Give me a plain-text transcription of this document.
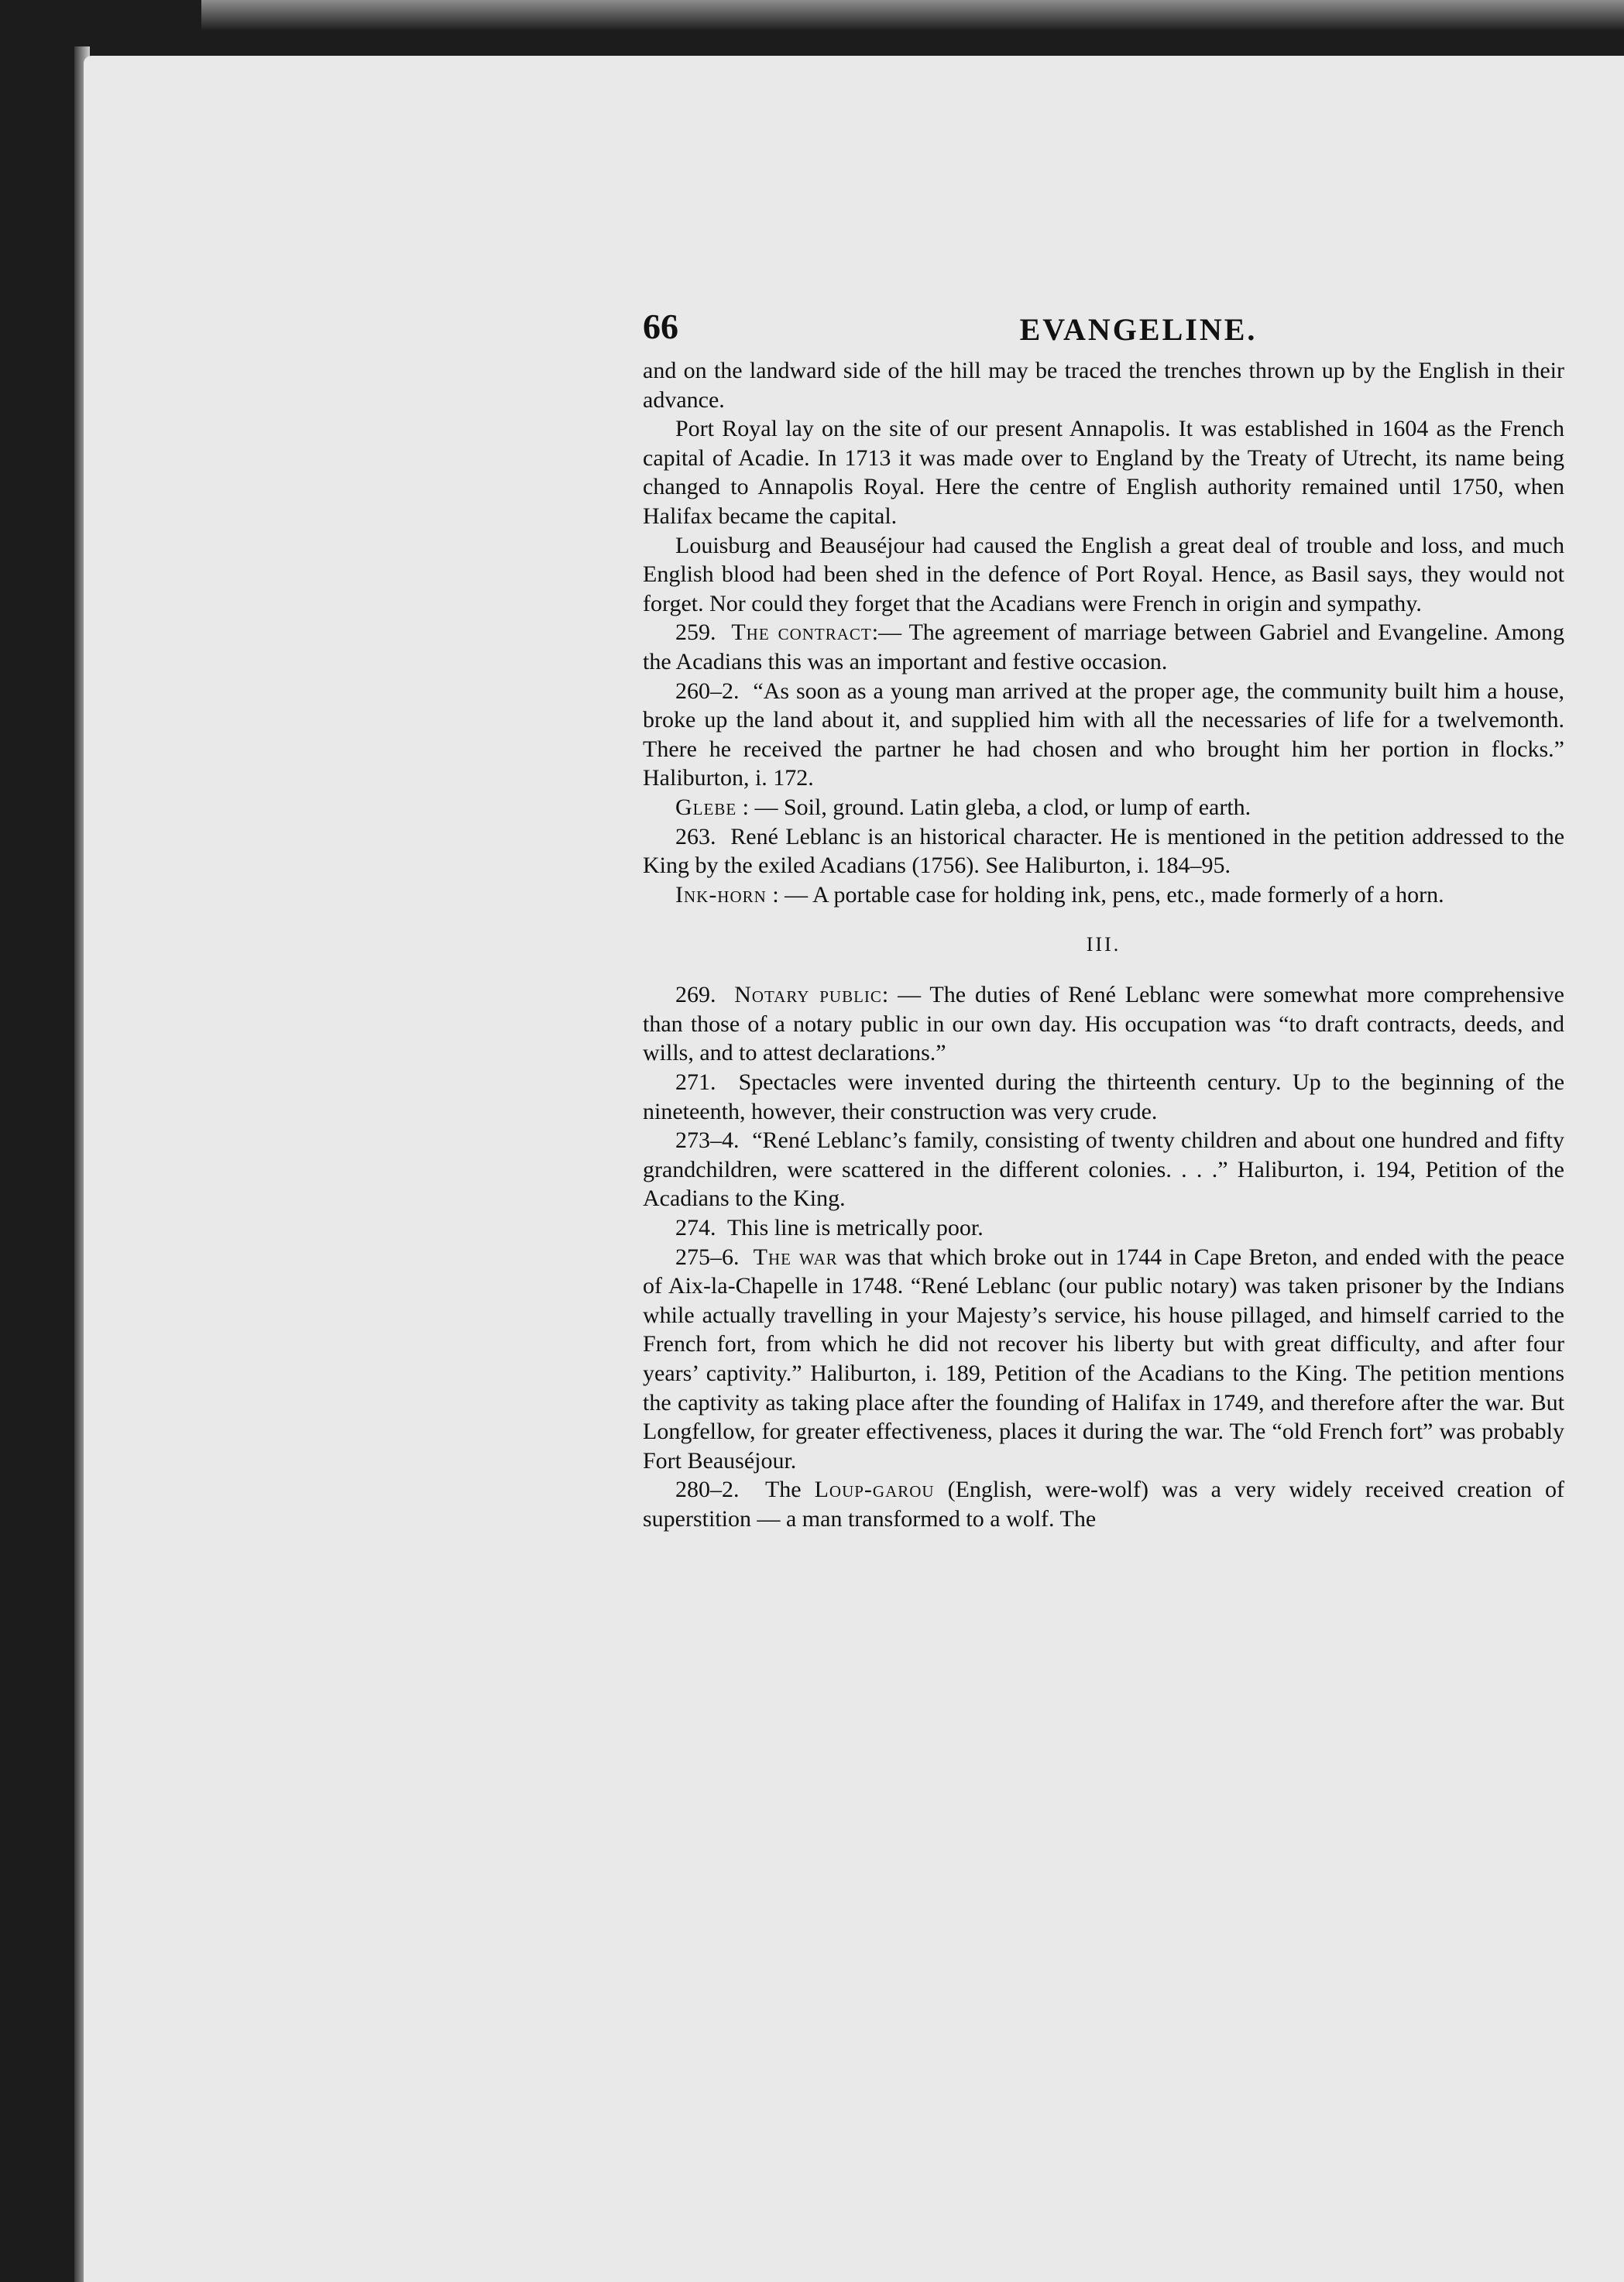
66	EVANGELINE.

and on the landward side of the hill may be traced the trenches thrown up by the English in their advance.

Port Royal lay on the site of our present Annapolis. It was established in 1604 as the French capital of Acadie. In 1713 it was made over to England by the Treaty of Utrecht, its name being changed to Annapolis Royal. Here the centre of English authority remained until 1750, when Halifax became the capital.

Louisburg and Beauséjour had caused the English a great deal of trouble and loss, and much English blood had been shed in the defence of Port Royal. Hence, as Basil says, they would not forget. Nor could they forget that the Acadians were French in origin and sympathy.

259. The contract:— The agreement of marriage between Gabriel and Evangeline. Among the Acadians this was an important and festive occasion.

260–2. “As soon as a young man arrived at the proper age, the community built him a house, broke up the land about it, and supplied him with all the necessaries of life for a twelvemonth. There he received the partner he had chosen and who brought him her portion in flocks.” Haliburton, i. 172.

Glebe : — Soil, ground. Latin gleba, a clod, or lump of earth.

263. René Leblanc is an historical character. He is mentioned in the petition addressed to the King by the exiled Acadians (1756). See Haliburton, i. 184–95.

Ink-horn : — A portable case for holding ink, pens, etc., made formerly of a horn.

III.

269. Notary public: — The duties of René Leblanc were somewhat more comprehensive than those of a notary public in our own day. His occupation was “to draft contracts, deeds, and wills, and to attest declarations.”

271. Spectacles were invented during the thirteenth century. Up to the beginning of the nineteenth, however, their construction was very crude.

273–4. “René Leblanc’s family, consisting of twenty children and about one hundred and fifty grandchildren, were scattered in the different colonies. . . .” Haliburton, i. 194, Petition of the Acadians to the King.

274. This line is metrically poor.

275–6. The war was that which broke out in 1744 in Cape Breton, and ended with the peace of Aix-la-Chapelle in 1748. “René Leblanc (our public notary) was taken prisoner by the Indians while actually travelling in your Majesty’s service, his house pillaged, and himself carried to the French fort, from which he did not recover his liberty but with great difficulty, and after four years’ captivity.” Haliburton, i. 189, Petition of the Acadians to the King. The petition mentions the captivity as taking place after the founding of Halifax in 1749, and therefore after the war. But Longfellow, for greater effectiveness, places it during the war. The “old French fort” was probably Fort Beauséjour.

280–2. The Loup-garou (English, were-wolf) was a very widely received creation of superstition — a man transformed to a wolf. The
